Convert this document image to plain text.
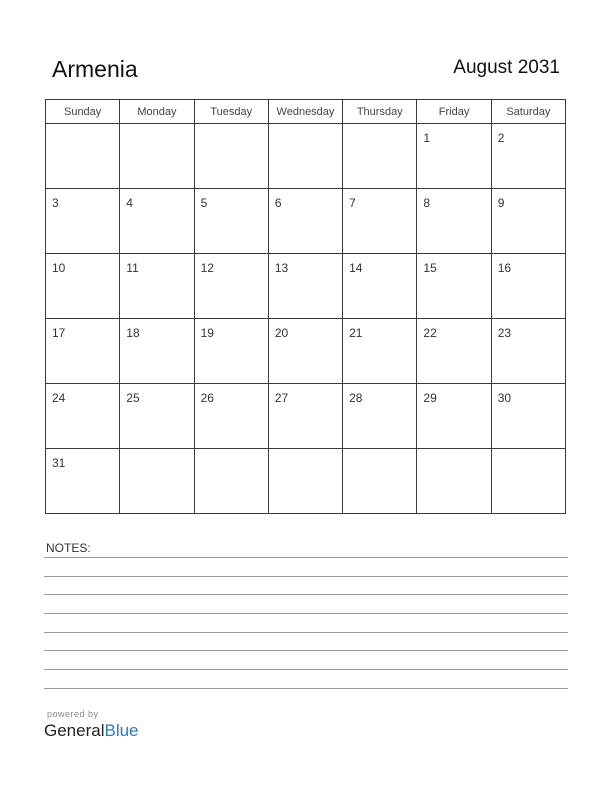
Armenia	August 2031
Sunday	Monday	Tuesday	Wednesday	Thursday	Friday	Saturday

					1	2

3	4	5	6	7	8	9

10	11	12	13	14	15	16

17	18	19	20	21	22	23

24	25	26	27	28	29	30

31						

NOTES:
powered by
GeneralBlue
